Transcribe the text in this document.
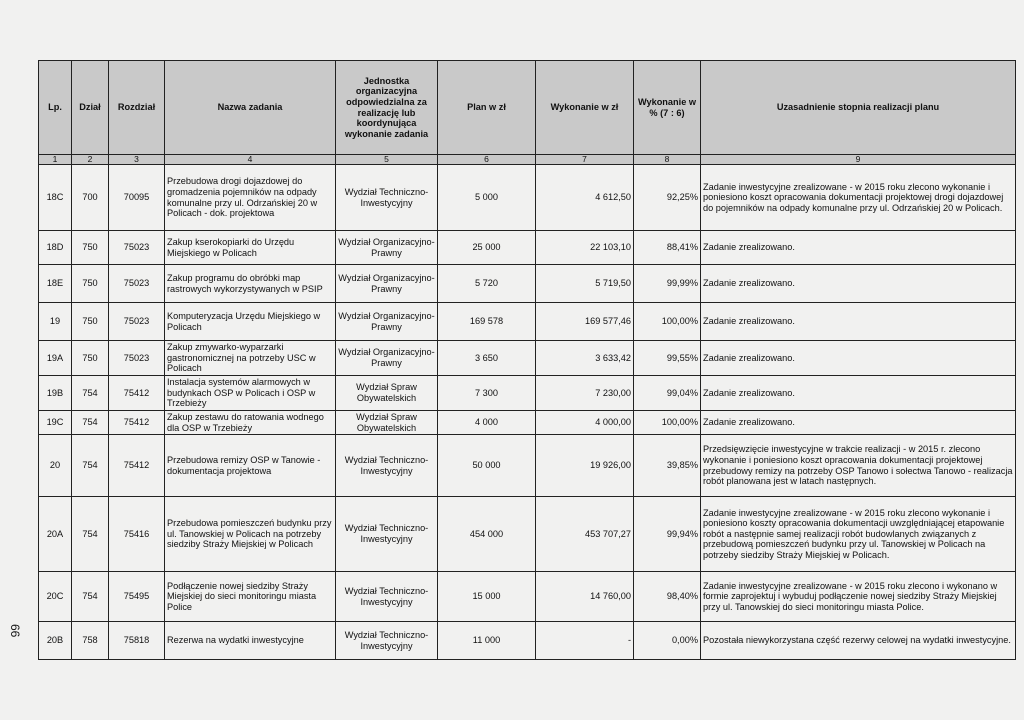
Lp.	Dział	Rozdział	Nazwa zadania	Jednostka organizacyjna odpowiedzialna za realizację lub koordynująca wykonanie zadania	Plan w zł	Wykonanie w zł	Wykonanie w % (7 : 6)	Uzasadnienie stopnia realizacji planu
1	2	3	4	5	6	7	8	9
18C	700	70095	Przebudowa drogi dojazdowej do gromadzenia pojemników na odpady komunalne przy ul. Odrzańskiej 20 w Policach - dok. projektowa	Wydział Techniczno-Inwestycyjny	5 000	4 612,50	92,25%	Zadanie inwestycyjne zrealizowane - w 2015 roku zlecono wykonanie i poniesiono koszt opracowania dokumentacji projektowej drogi dojazdowej do pojemników na odpady komunalne przy ul. Odrzańskiej 20 w Policach.
18D	750	75023	Zakup kserokopiarki do Urzędu Miejskiego w Policach	Wydział Organizacyjno-Prawny	25 000	22 103,10	88,41%	Zadanie zrealizowano.
18E	750	75023	Zakup programu do obróbki map rastrowych wykorzystywanych w PSIP	Wydział Organizacyjno-Prawny	5 720	5 719,50	99,99%	Zadanie zrealizowano.
19	750	75023	Komputeryzacja Urzędu Miejskiego w Policach	Wydział Organizacyjno-Prawny	169 578	169 577,46	100,00%	Zadanie zrealizowano.
19A	750	75023	Zakup zmywarko-wyparzarki gastronomicznej na potrzeby USC w Policach	Wydział Organizacyjno-Prawny	3 650	3 633,42	99,55%	Zadanie zrealizowano.
19B	754	75412	Instalacja systemów alarmowych w budynkach OSP w Policach i OSP w Trzebieży	Wydział Spraw Obywatelskich	7 300	7 230,00	99,04%	Zadanie zrealizowano.
19C	754	75412	Zakup zestawu do ratowania wodnego dla OSP w Trzebieży	Wydział Spraw Obywatelskich	4 000	4 000,00	100,00%	Zadanie zrealizowano.
20	754	75412	Przebudowa remizy OSP w Tanowie - dokumentacja projektowa	Wydział Techniczno-Inwestycyjny	50 000	19 926,00	39,85%	Przedsięwzięcie inwestycyjne w trakcie realizacji - w 2015 r. zlecono wykonanie i poniesiono koszt opracowania dokumentacji projektowej przebudowy remizy na potrzeby OSP Tanowo i sołectwa Tanowo - realizacja robót planowana jest w latach następnych.
20A	754	75416	Przebudowa pomieszczeń budynku przy ul. Tanowskiej w Policach na potrzeby siedziby Straży Miejskiej w Policach	Wydział Techniczno-Inwestycyjny	454 000	453 707,27	99,94%	Zadanie inwestycyjne zrealizowane - w 2015 roku zlecono wykonanie i poniesiono koszty opracowania dokumentacji uwzględniającej etapowanie robót a następnie samej realizacji robót budowlanych związanych z przebudową pomieszczeń budynku przy ul. Tanowskiej w Policach na potrzeby siedziby Straży Miejskiej w Policach.
20C	754	75495	Podłączenie nowej siedziby Straży Miejskiej do sieci monitoringu miasta Police	Wydział Techniczno-Inwestycyjny	15 000	14 760,00	98,40%	Zadanie inwestycyjne zrealizowane - w 2015 roku zlecono i wykonano w formie zaprojektuj i wybuduj podłączenie nowej siedziby Straży Miejskiej przy ul. Tanowskiej do sieci monitoringu miasta Police.
20B	758	75818	Rezerwa na wydatki inwestycyjne	Wydział Techniczno-Inwestycyjny	11 000	-	0,00%	Pozostała niewykorzystana część rezerwy celowej na wydatki inwestycyjne.
66
